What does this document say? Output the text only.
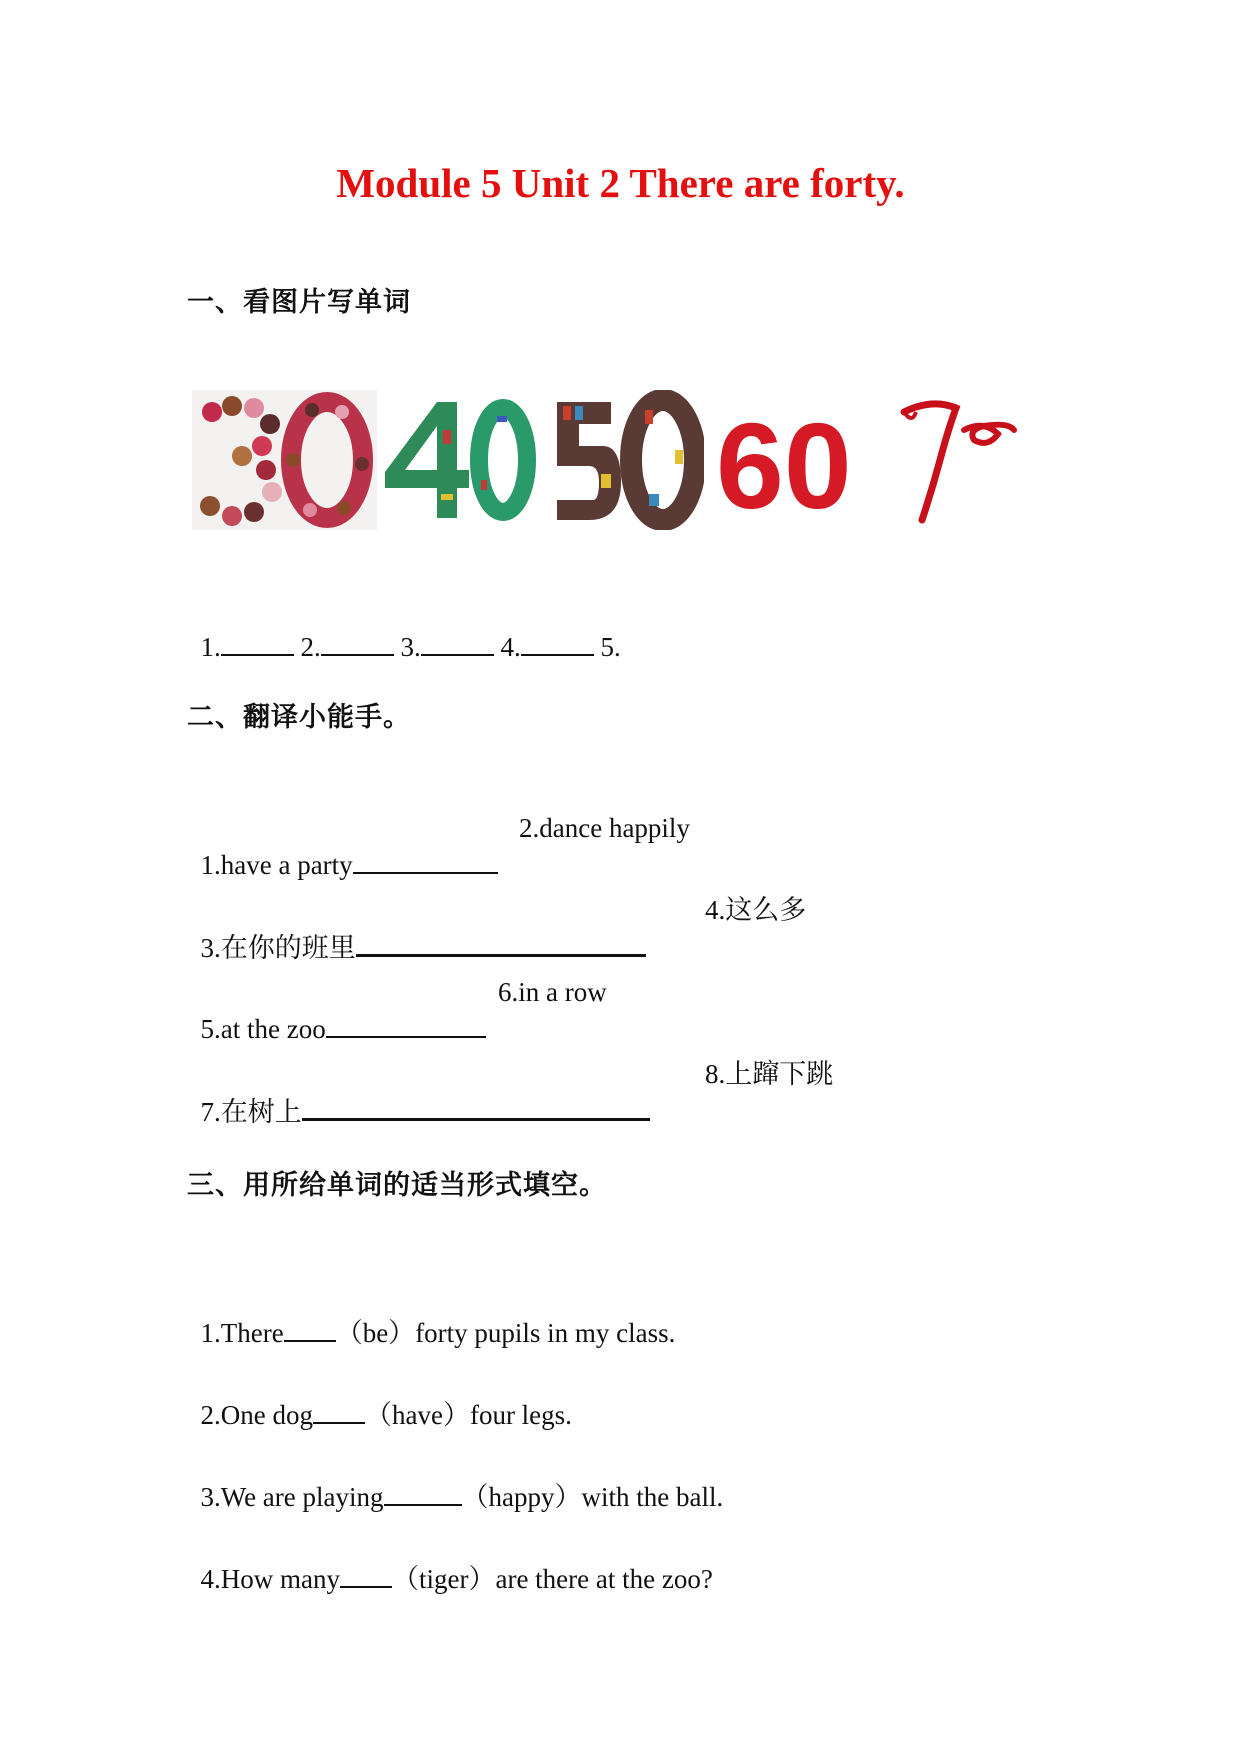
Module 5 Unit 2 There are forty.
一、看图片写单词
60

1.	2.	3.	4.	5.

二、翻译小能手。

1.have a party

2.dance happily

3.在你的班里

4.这么多

5.at the zoo

6.in a row

7.在树上

8.上蹿下跳
三、用所给单词的适当形式填空。

1.There （be）forty pupils in my class.

2.One dog （have）four legs.

3.We are playing	（happy）with the ball.

4.How many （tiger）are there at the zoo?
